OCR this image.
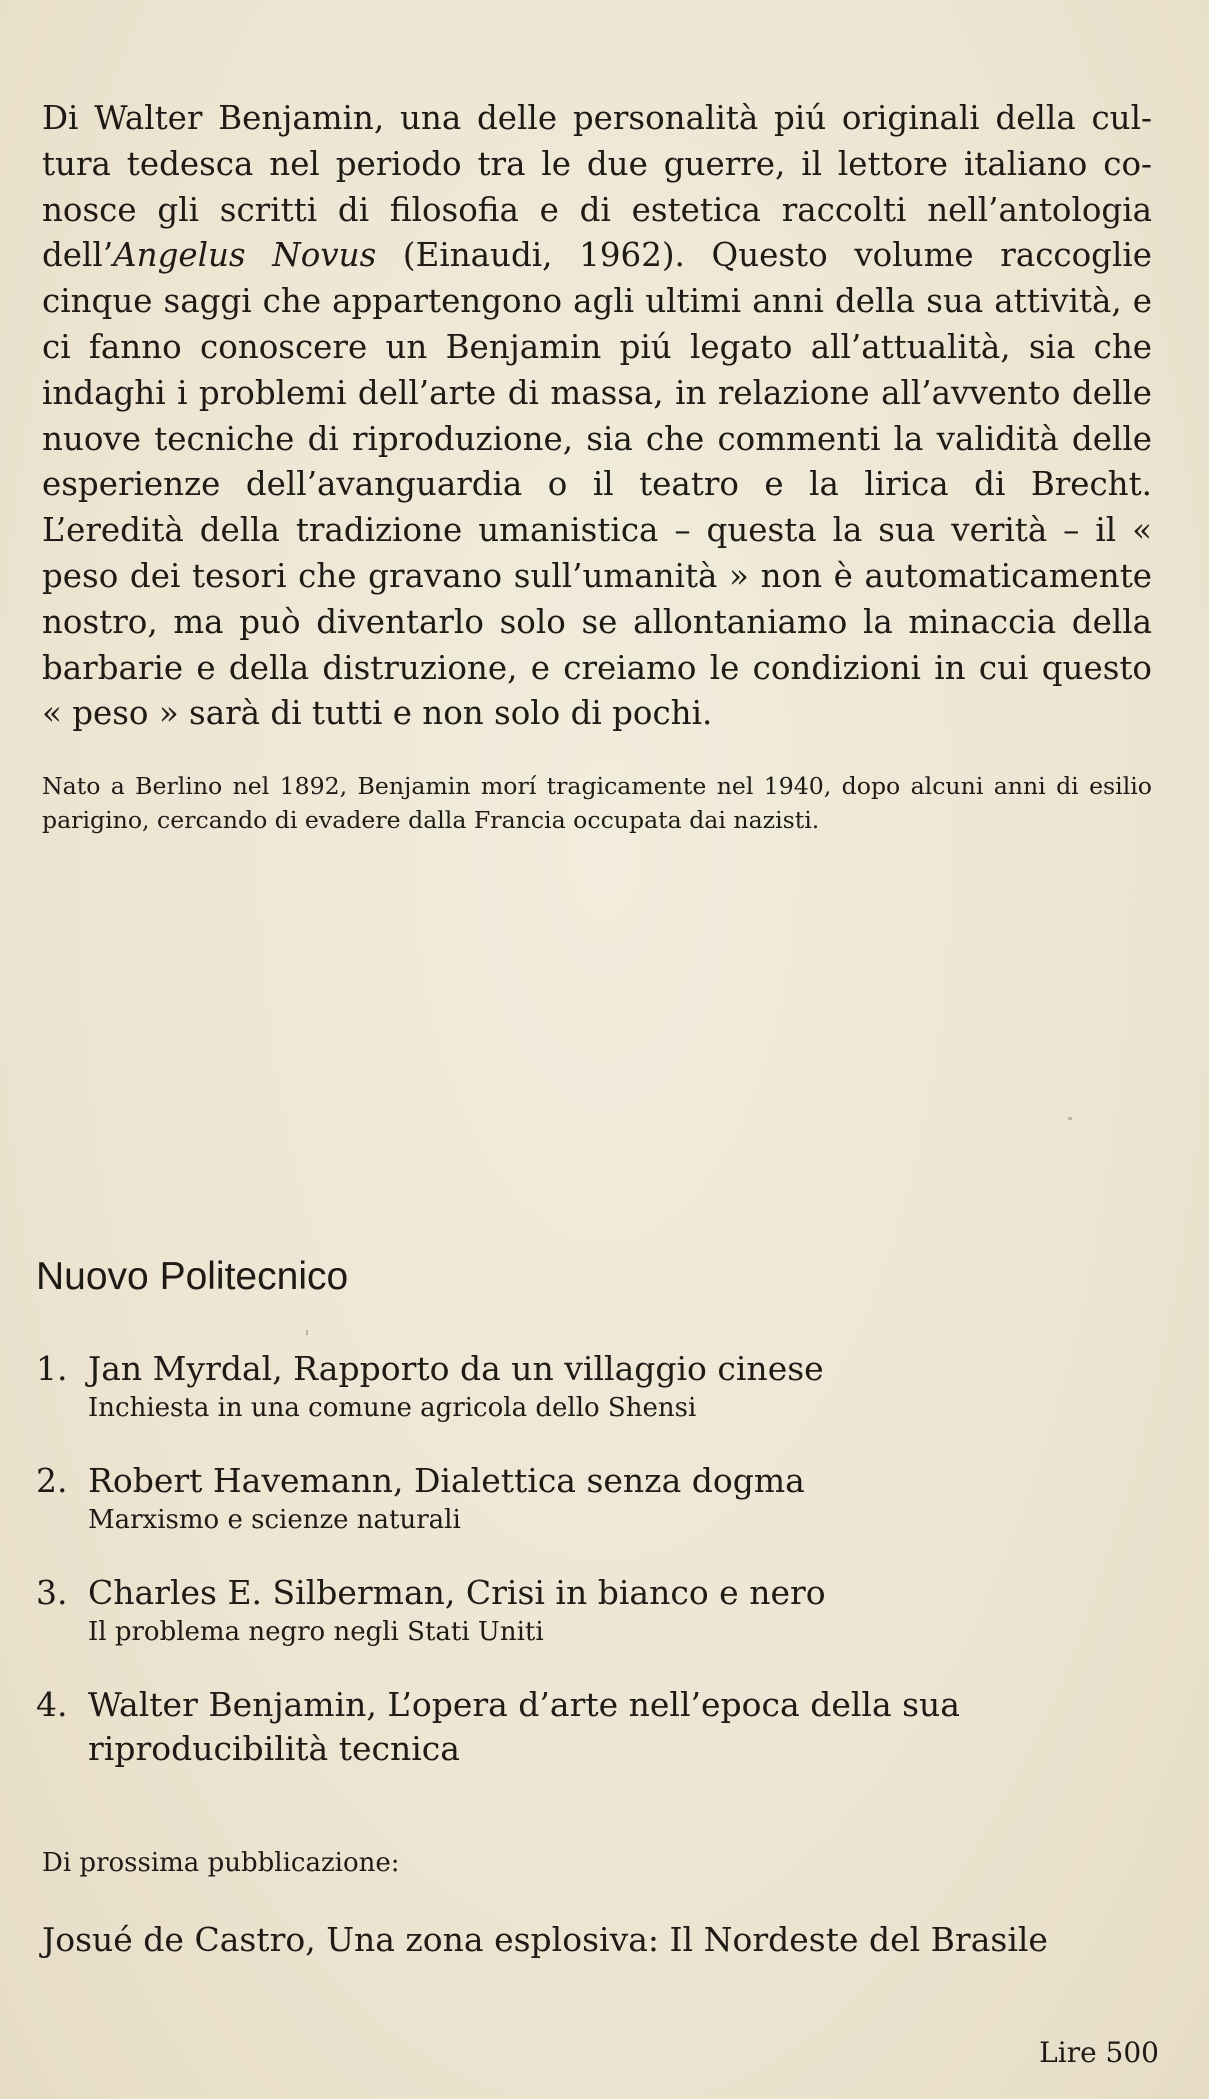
Di Walter Benjamin, una delle personalità piú originali della cultura tedesca nel periodo tra le due guerre, il lettore italiano conosce gli scritti di filosofia e di estetica raccolti nell’antologia dell’Angelus Novus (Einaudi, 1962). Questo volume raccoglie cinque saggi che appartengono agli ultimi anni della sua attività, e ci fanno conoscere un Benjamin piú legato all’attualità, sia che indaghi i problemi dell’arte di massa, in relazione all’avvento delle nuove tecniche di riproduzione, sia che commenti la validità delle esperienze dell’avanguardia o il teatro e la lirica di Brecht. L’eredità della tradizione umanistica – questa la sua verità – il « peso dei tesori che gravano sull’umanità » non è automaticamente nostro, ma può diventarlo solo se allontaniamo la minaccia della barbarie e della distruzione, e creiamo le condizioni in cui questo « peso » sarà di tutti e non solo di pochi.

Nato a Berlino nel 1892, Benjamin morí tragicamente nel 1940, dopo alcuni anni di esilio parigino, cercando di evadere dalla Francia occupata dai nazisti.

Nuovo Politecnico
1. Jan Myrdal, Rapporto da un villaggio cinese
Inchiesta in una comune agricola dello Shensi
2. Robert Havemann, Dialettica senza dogma
Marxismo e scienze naturali
3. Charles E. Silberman, Crisi in bianco e nero
Il problema negro negli Stati Uniti
4. Walter Benjamin, L’opera d’arte nell’epoca della sua riproducibilità tecnica

Di prossima pubblicazione:

Josué de Castro, Una zona esplosiva: Il Nordeste del Brasile

Lire 500
